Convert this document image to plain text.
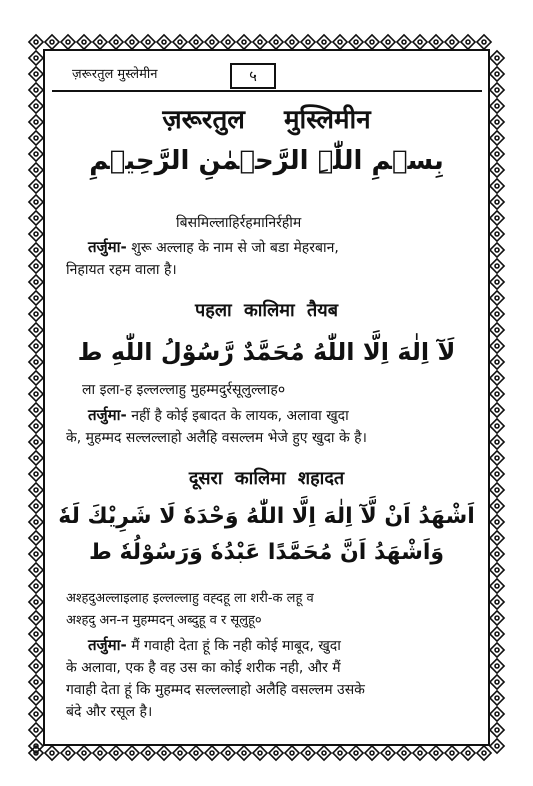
ज़रूरतुल मुस्लेमीन	५
ज़रूरतुल मुस्लिमीन
بِسۡمِ اللّٰہِ الرَّحۡمٰنِ الرَّحِیۡمِ
बिसमिल्लाहिर्रहमानिर्रहीम
तर्जुमा- शुरू अल्लाह के नाम से जो बडा मेहरबान,
निहायत रहम वाला है।
पहला कालिमा तैयब
لَآ اِلٰهَ اِلَّا اللّٰهُ مُحَمَّدٌ رَّسُوْلُ اللّٰهِ ط
ला इला-ह इल्लल्लाहु मुहम्मदुर्रसूलुल्लाह०
तर्जुमा- नहीं है कोई इबादत के लायक, अलावा खुदा
के, मुहम्मद सल्लल्लाहो अलैहि वसल्लम भेजे हुए खुदा के है।
दूसरा कालिमा शहादत
اَشْهَدُ اَنْ لَّآ اِلٰهَ اِلَّا اللّٰهُ وَحْدَهٗ لَا شَرِيْكَ لَهٗ
وَاَشْهَدُ اَنَّ مُحَمَّدًا عَبْدُهٗ وَرَسُوْلُهٗ ط
अश्हदुअल्लाइलाह इल्लल्लाहु वह्दहू ला शरी-क लहू व
अश्हदु अन-न मुहम्मदन् अब्दुहू व र सूलुहू०
तर्जुमा- मैं गवाही देता हूं कि नही कोई माबूद, खुदा
के अलावा, एक है वह उस का कोई शरीक नही, और मैं
गवाही देता हूं कि मुहम्मद सल्लल्लाहो अलैहि वसल्लम उसके
बंदे और रसूल है।
